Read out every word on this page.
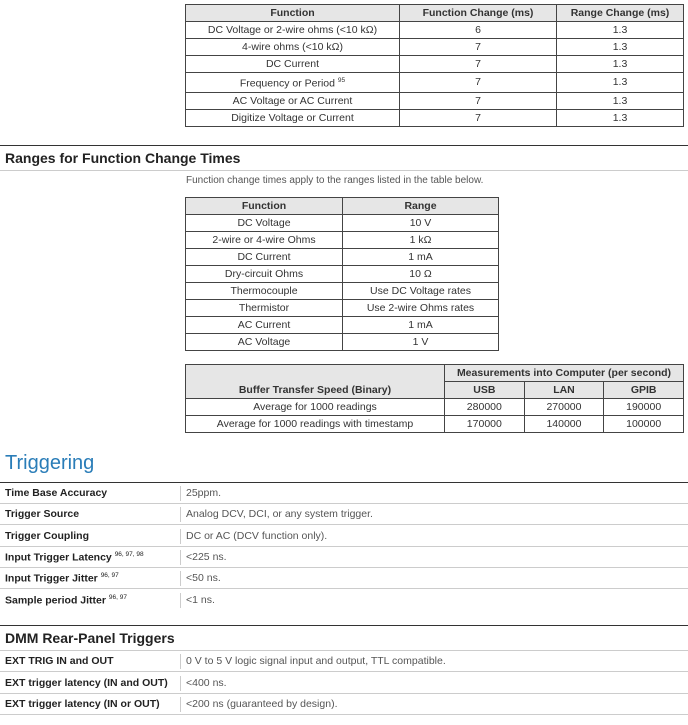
Function	Function Change (ms)	Range Change (ms)
DC Voltage or 2-wire ohms (<10 kΩ)	6	1.3
4-wire ohms (<10 kΩ)	7	1.3
DC Current	7	1.3
Frequency or Period $^{95}$	7	1.3
AC Voltage or AC Current	7	1.3
Digitize Voltage or Current	7	1.3
Ranges for Function Change Times
Function change times apply to the ranges listed in the table below.
Function	Range
DC Voltage	10 V
2-wire or 4-wire Ohms	1 kΩ
DC Current	1 mA
Dry-circuit Ohms	10 Ω
Thermocouple	Use DC Voltage rates
Thermistor	Use 2-wire Ohms rates
AC Current	1 mA
AC Voltage	1 V
Buffer Transfer Speed (Binary)	Measurements into Computer (per second)		
	USB	LAN	GPIB
Average for 1000 readings	280000	270000	190000
Average for 1000 readings with timestamp	170000	140000	100000
Triggering
Time Base Accuracy	25ppm.
Trigger Source	Analog DCV, DCI, or any system trigger.
Trigger Coupling	DC or AC (DCV function only).
Input Trigger Latency $^{96, 97, 98}$	<225 ns.
Input Trigger Jitter $^{96, 97}$	<50 ns.
Sample period Jitter $^{96, 97}$	<1 ns.
DMM Rear-Panel Triggers
EXT TRIG IN and OUT	0 V to 5 V logic signal input and output, TTL compatible.
EXT trigger latency (IN and OUT) <400 ns.
EXT trigger latency (IN or OUT)	<200 ns (guaranteed by design).
